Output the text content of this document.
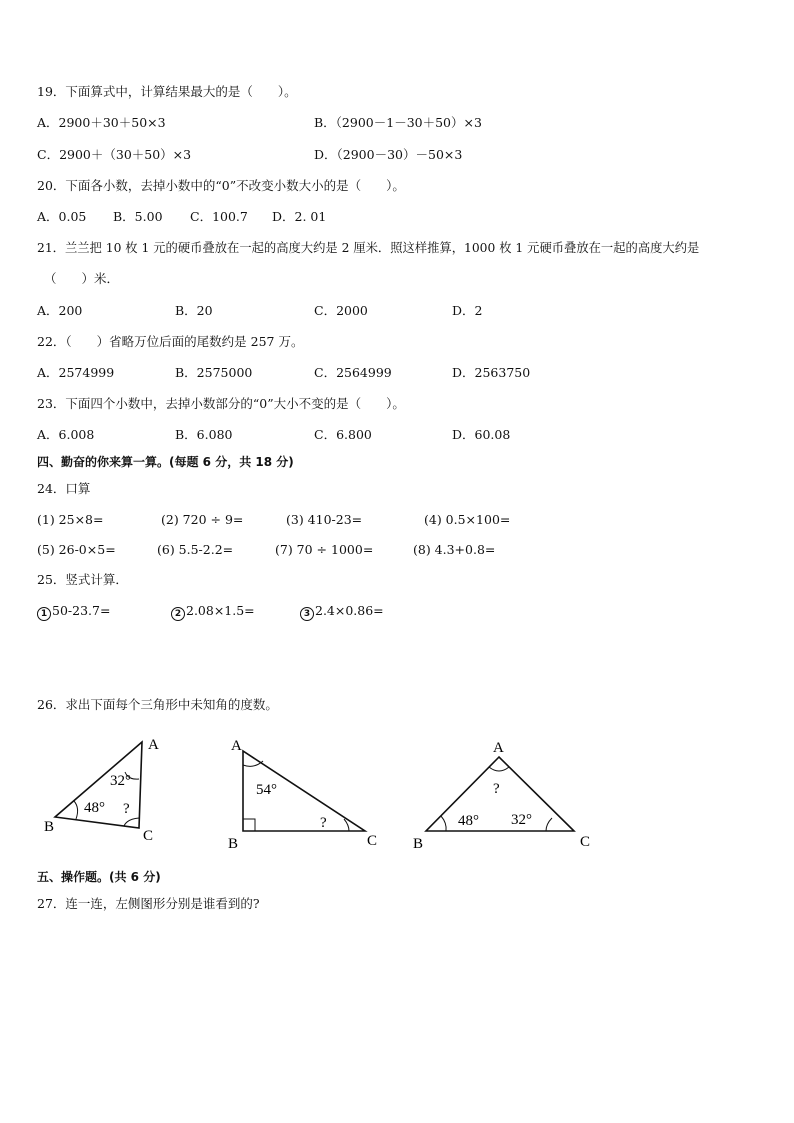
19．下面算式中，计算结果最大的是（　　）。
A．2900＋30＋50×3	B．（2900－1－30＋50）×3
C．2900＋（30＋50）×3	D．（2900－30）－50×3
20．下面各小数，去掉小数中的“0”不改变小数大小的是（　　）。
A．0.05 B．5.00 C．100.7 D．2. 01
21．兰兰把 10 枚 1 元的硬币叠放在一起的高度大约是 2 厘米．照这样推算，1000 枚 1 元硬币叠放在一起的高度大约是
（　　）米．
A．200	B．20	C．2000	D．2
22．（　　）省略万位后面的尾数约是 257 万。
A．2574999	B．2575000	C．2564999	D．2563750
23．下面四个小数中，去掉小数部分的“0”大小不变的是（　　）。
A．6.008	B．6.080	C．6.800	D．60.08
四、勤奋的你来算一算。(每题 6 分，共 18 分)
24．口算
(1) 25×8=	(2) 720 ÷ 9=	(3) 410-23=	(4) 0.5×100=
(5) 26-0×5=	(6) 5.5-2.2=	(7) 70 ÷ 1000=	(8) 4.3+0.8=
25．竖式计算．
1 50-23.7=	2 2.08×1.5=	3 2.4×0.86=
26．求出下面每个三角形中未知角的度数。
A
B
C
32°
48° ?
A
B	C
54°
?
A
B	C
?
48° 32°
五、操作题。(共 6 分)
27．连一连，左侧图形分别是谁看到的?
